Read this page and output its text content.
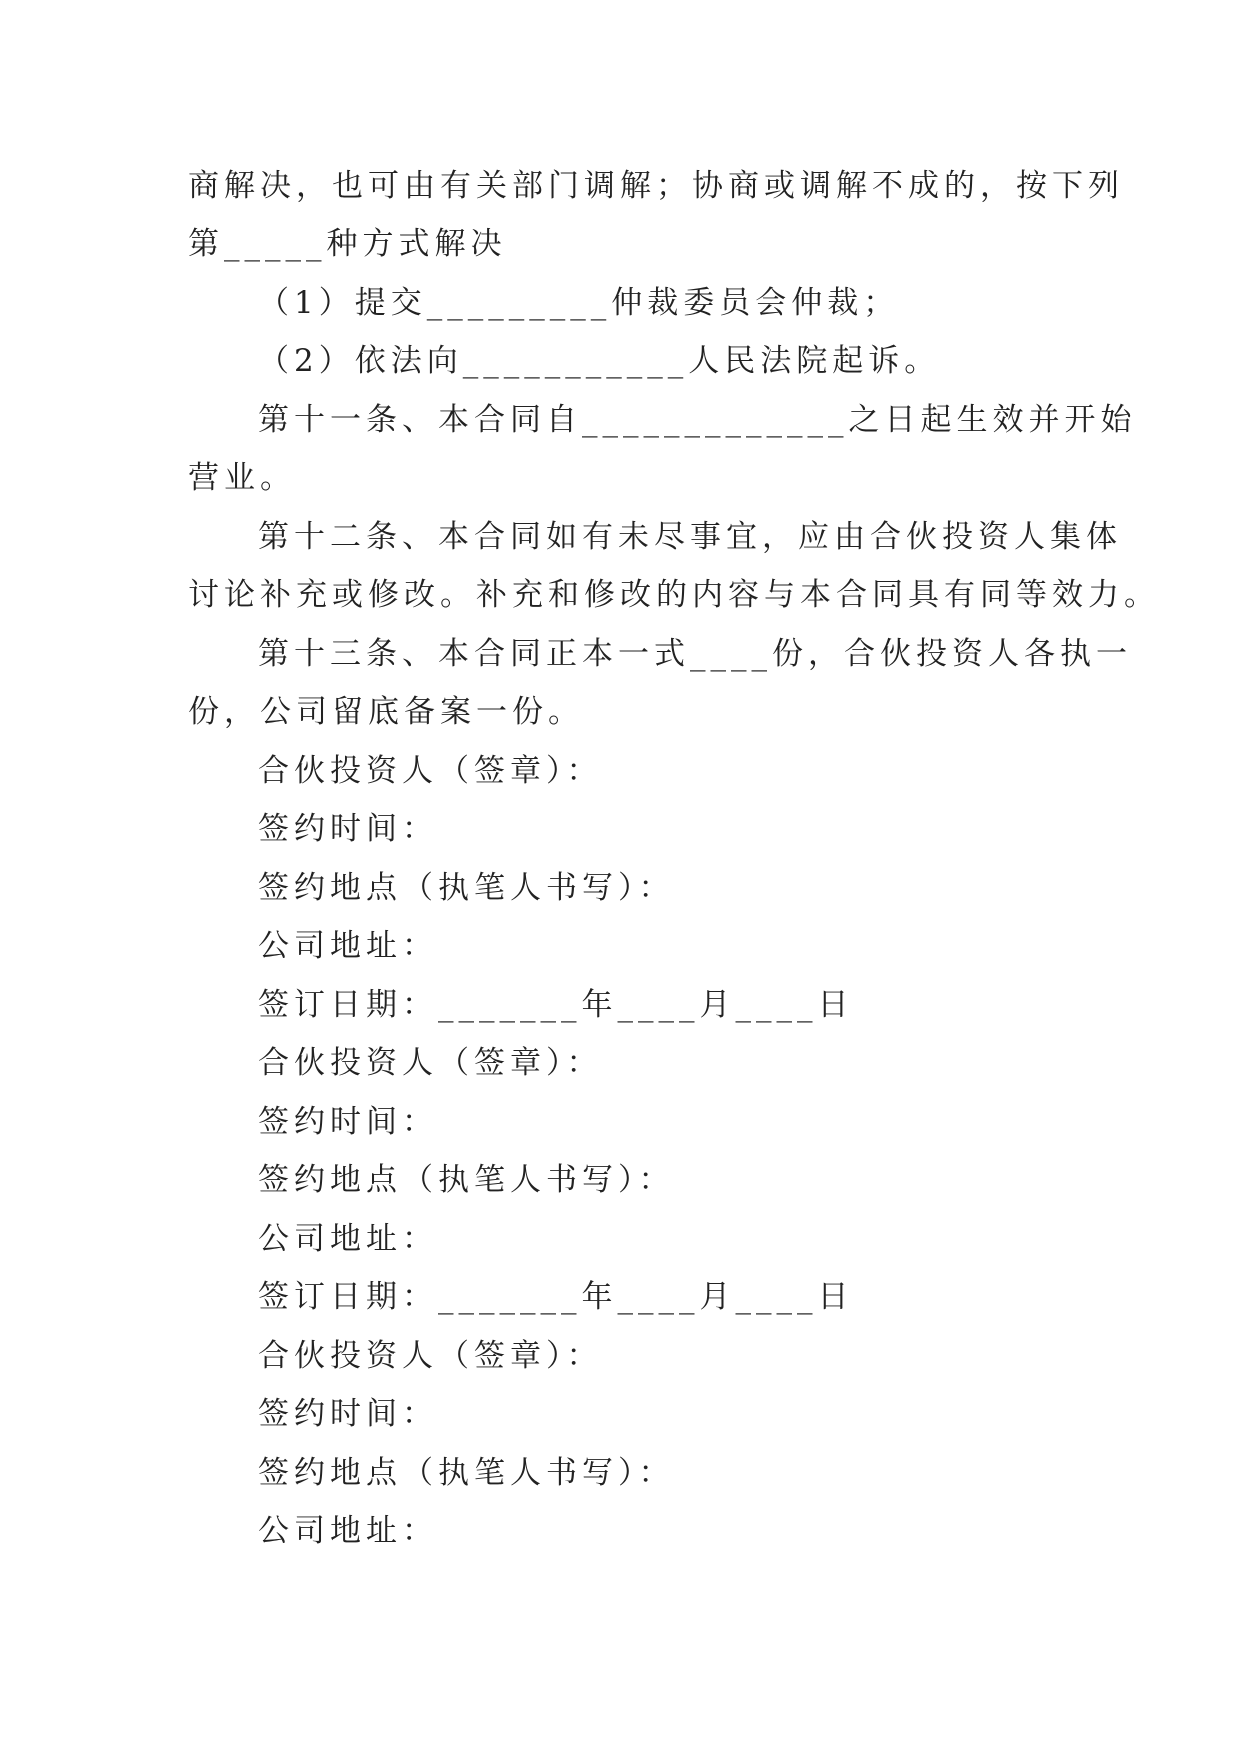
商解决，也可由有关部门调解；协商或调解不成的，按下列
第_____种方式解决
（1）提交_________仲裁委员会仲裁；
（2）依法向___________人民法院起诉。
第十一条、本合同自_____________之日起生效并开始
营业。
第十二条、本合同如有未尽事宜，应由合伙投资人集体
讨论补充或修改。补充和修改的内容与本合同具有同等效力。
第十三条、本合同正本一式____份，合伙投资人各执一
份，公司留底备案一份。
合伙投资人（签章）：
签约时间：
签约地点（执笔人书写）：
公司地址：
签订日期：_______年____月____日
合伙投资人（签章）：
签约时间：
签约地点（执笔人书写）：
公司地址：
签订日期：_______年____月____日
合伙投资人（签章）：
签约时间：
签约地点（执笔人书写）：
公司地址：
